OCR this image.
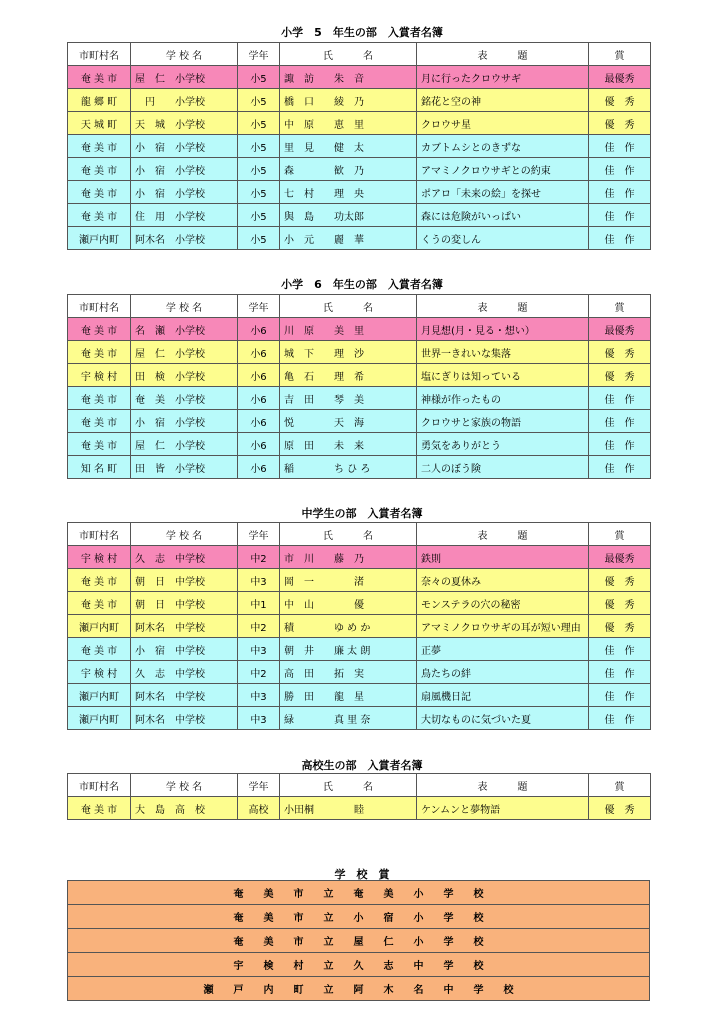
小学　5　年生の部　入賞者名簿
小学　6　年生の部　入賞者名簿
中学生の部　入賞者名簿
高校生の部　入賞者名簿
学　校　賞
市町村名	学 校 名	学年	氏　　　名	表　　　題	賞
奄 美 市	屋　仁　小学校	小5	諏　訪　　朱　音	月に行ったクロウサギ	最優秀
龍 郷 町	　円　　小学校	小5	橋　口　　綾　乃	銘花と空の神	優　秀
天 城 町	天　城　小学校	小5	中　原　　恵　里	クロウサ星	優　秀
奄 美 市	小　宿　小学校	小5	里　見　　健　太	カブトムシとのきずな	佳　作
奄 美 市	小　宿　小学校	小5	森　　　　歓　乃	アマミノクロウサギとの約束	佳　作
奄 美 市	小　宿　小学校	小5	七　村　　理　央	ポアロ「未来の絵」を探せ	佳　作
奄 美 市	住　用　小学校	小5	與　島　　功太郎	森には危険がいっぱい	佳　作
瀬戸内町	阿木名　小学校	小5	小　元　　麗　華	くうの変しん	佳　作
市町村名	学 校 名	学年	氏　　　名	表　　　題	賞
奄 美 市	名　瀬　小学校	小6	川　原　　美　里	月見想(月・見る・想い）	最優秀
奄 美 市	屋　仁　小学校	小6	城　下　　理　沙	世界一きれいな集落	優　秀
宇 検 村	田　検　小学校	小6	亀　石　　理　希	塩にぎりは知っている	優　秀
奄 美 市	奄　美　小学校	小6	吉　田　　琴　美	神様が作ったもの	佳　作
奄 美 市	小　宿　小学校	小6	悦　　　　天　海	クロウサと家族の物語	佳　作
奄 美 市	屋　仁　小学校	小6	原　田　　未　来	勇気をありがとう	佳　作
知 名 町	田　皆　小学校	小6	稲　　　　ち ひ ろ	二人のぼう険	佳　作
市町村名	学 校 名	学年	氏　　　名	表　　　題	賞
宇 検 村	久　志　中学校	中2	市　川　　藤　乃	鉄則	最優秀
奄 美 市	朝　日　中学校	中3	岡　一　　　　渚	奈々の夏休み	優　秀
奄 美 市	朝　日　中学校	中1	中　山　　　　優	モンステラの穴の秘密	優　秀
瀬戸内町	阿木名　中学校	中2	積　　　　ゆ め か	アマミノクロウサギの耳が短い理由	優　秀
奄 美 市	小　宿　中学校	中3	朝　井　　廉 太 朗	正夢	佳　作
宇 検 村	久　志　中学校	中2	高　田　　拓　実	鳥たちの絆	佳　作
瀬戸内町	阿木名　中学校	中3	勝　田　　龍　星	扇風機日記	佳　作
瀬戸内町	阿木名　中学校	中3	緑　　　　真 里 奈	大切なものに気づいた夏	佳　作
市町村名	学 校 名	学年	氏　　　名	表　　　題	賞
奄 美 市	大　島　高　校	高校	小田桐　　　　睦	ケンムンと夢物語	優　秀
奄　　美　　市　　立　　奄　　美　　小　　学　　校
奄　　美　　市　　立　　小　　宿　　小　　学　　校
奄　　美　　市　　立　　屋　　仁　　小　　学　　校
宇　　検　　村　　立　　久　　志　　中　　学　　校
瀬　　戸　　内　　町　　立　　阿　　木　　名　　中　　学　　校
